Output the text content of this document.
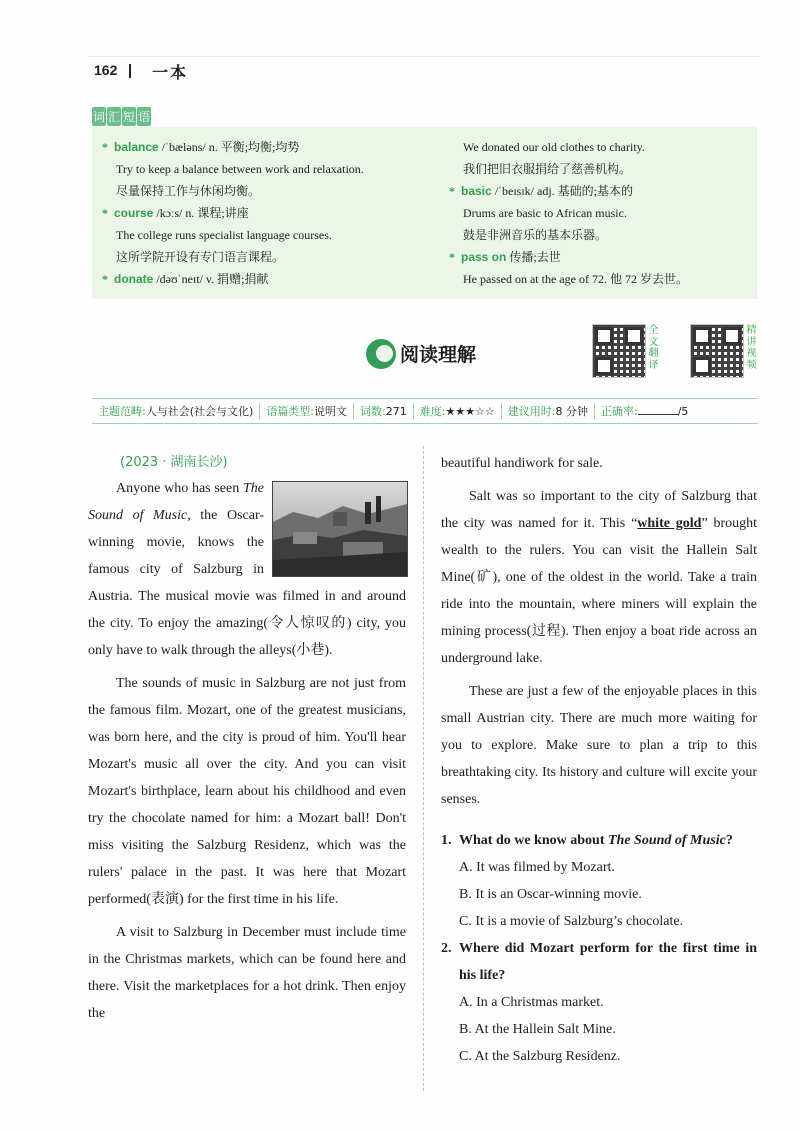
162 一本
词 汇 短 语
* balance /ˈbæləns/ n. 平衡;均衡;均势
Try to keep a balance between work and relaxation.
尽量保持工作与休闲均衡。
* course /kɔːs/ n. 课程;讲座
The college runs specialist language courses.
这所学院开设有专门语言课程。
* donate /dəʊˈneɪt/ v. 捐赠;捐献
We donated our old clothes to charity.
我们把旧衣服捐给了慈善机构。
* basic /ˈbeɪsɪk/ adj. 基础的;基本的
Drums are basic to African music.
鼓是非洲音乐的基本乐器。
* pass on 传播;去世
He passed on at the age of 72. 他 72 岁去世。
阅读理解
全
文
翻
译
精
讲
视
频
主题范畴:人与社会(社会与文化)	语篇类型:说明文	词数:271	难度:★★★☆☆	建议用时:8 分钟	正确率:	/5
(2023 · 湖南长沙)

Anyone who has seen The Sound of Music, the Oscar-winning movie, knows the famous city of Salzburg in Austria. The musical movie was filmed in and around the city. To enjoy the amazing(令人惊叹的) city, you only have to walk through the alleys(小巷).

The sounds of music in Salzburg are not just from the famous film. Mozart, one of the greatest musicians, was born here, and the city is proud of him. You'll hear Mozart's music all over the city. And you can visit Mozart's birthplace, learn about his childhood and even try the chocolate named for him: a Mozart ball! Don't miss visiting the Salzburg Residenz, which was the rulers' palace in the past. It was here that Mozart performed(表演) for the first time in his life.

A visit to Salzburg in December must include time in the Christmas markets, which can be found here and there. Visit the marketplaces for a hot drink. Then enjoy the

beautiful handiwork for sale.

Salt was so important to the city of Salzburg that the city was named for it. This “white gold” brought wealth to the rulers. You can visit the Hallein Salt Mine(矿), one of the oldest in the world. Take a train ride into the mountain, where miners will explain the mining process(过程). Then enjoy a boat ride across an underground lake.

These are just a few of the enjoyable places in this small Austrian city. There are much more waiting for you to explore. Make sure to plan a trip to this breathtaking city. Its history and culture will excite your senses.

1. What do we know about The Sound of Music?
A. It was filmed by Mozart.
B. It is an Oscar-winning movie.
C. It is a movie of Salzburg’s chocolate.
2. Where did Mozart perform for the first time in his life?
A. In a Christmas market.
B. At the Hallein Salt Mine.
C. At the Salzburg Residenz.
